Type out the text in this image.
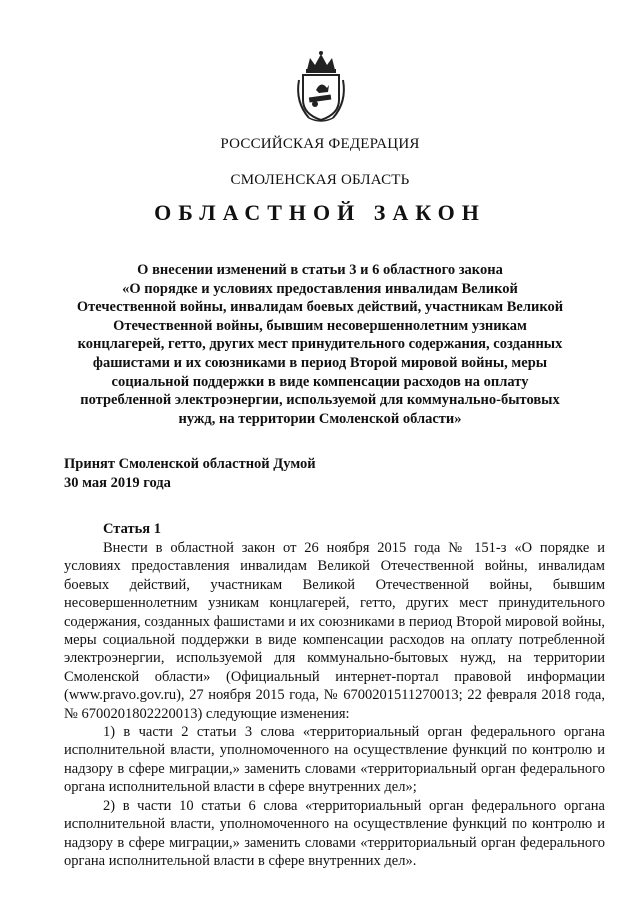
РОССИЙСКАЯ ФЕДЕРАЦИЯ
СМОЛЕНСКАЯ ОБЛАСТЬ
ОБЛАСТНОЙ ЗАКОН
О внесении изменений в статьи 3 и 6 областного закона
«О порядке и условиях предоставления инвалидам Великой
Отечественной войны, инвалидам боевых действий, участникам Великой
Отечественной войны, бывшим несовершеннолетним узникам
концлагерей, гетто, других мест принудительного содержания, созданных
фашистами и их союзниками в период Второй мировой войны, меры
социальной поддержки в виде компенсации расходов на оплату
потребленной электроэнергии, используемой для коммунально-бытовых
нужд, на территории Смоленской области»
Принят Смоленской областной Думой
30 мая 2019 года
Статья 1

Внести в областной закон от 26 ноября 2015 года № 151-з «О порядке и условиях предоставления инвалидам Великой Отечественной войны, инвалидам боевых действий, участникам Великой Отечественной войны, бывшим несовершеннолетним узникам концлагерей, гетто, других мест принудительного содержания, созданных фашистами и их союзниками в период Второй мировой войны, меры социальной поддержки в виде компенсации расходов на оплату потребленной электроэнергии, используемой для коммунально-бытовых нужд, на территории Смоленской области» (Официальный интернет-портал правовой информации (www.pravo.gov.ru), 27 ноября 2015 года, № 6700201511270013; 22 февраля 2018 года, № 6700201802220013) следующие изменения:

1) в части 2 статьи 3 слова «территориальный орган федерального органа исполнительной власти, уполномоченного на осуществление функций по контролю и надзору в сфере миграции,» заменить словами «территориальный орган федерального органа исполнительной власти в сфере внутренних дел»;

2) в части 10 статьи 6 слова «территориальный орган федерального органа исполнительной власти, уполномоченного на осуществление функций по контролю и надзору в сфере миграции,» заменить словами «территориальный орган федерального органа исполнительной власти в сфере внутренних дел».
